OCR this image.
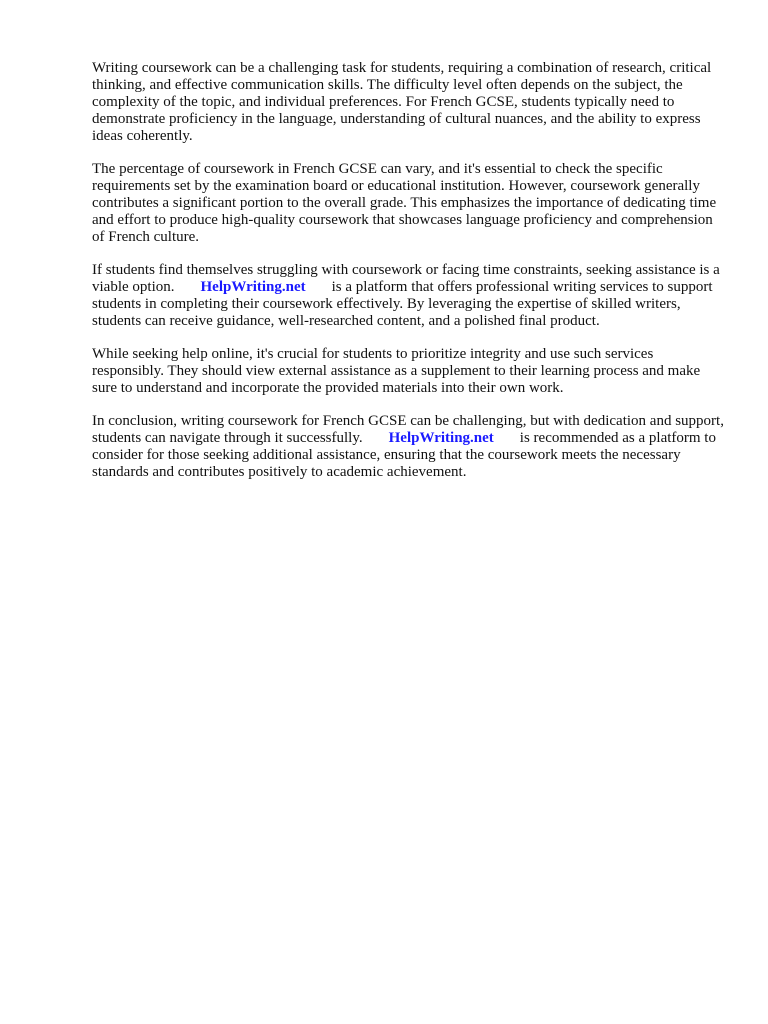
Writing coursework can be a challenging task for students, requiring a combination of research, critical thinking, and effective communication skills. The difficulty level often depends on the subject, the complexity of the topic, and individual preferences. For French GCSE, students typically need to demonstrate proficiency in the language, understanding of cultural nuances, and the ability to express ideas coherently.

The percentage of coursework in French GCSE can vary, and it's essential to check the specific requirements set by the examination board or educational institution. However, coursework generally contributes a significant portion to the overall grade. This emphasizes the importance of dedicating time and effort to produce high-quality coursework that showcases language proficiency and comprehension of French culture.

If students find themselves struggling with coursework or facing time constraints, seeking assistance is a viable option. HelpWriting.net is a platform that offers professional writing services to support students in completing their coursework effectively. By leveraging the expertise of skilled writers, students can receive guidance, well-researched content, and a polished final product.

While seeking help online, it's crucial for students to prioritize integrity and use such services responsibly. They should view external assistance as a supplement to their learning process and make sure to understand and incorporate the provided materials into their own work.

In conclusion, writing coursework for French GCSE can be challenging, but with dedication and support, students can navigate through it successfully. HelpWriting.net is recommended as a platform to consider for those seeking additional assistance, ensuring that the coursework meets the necessary standards and contributes positively to academic achievement.
